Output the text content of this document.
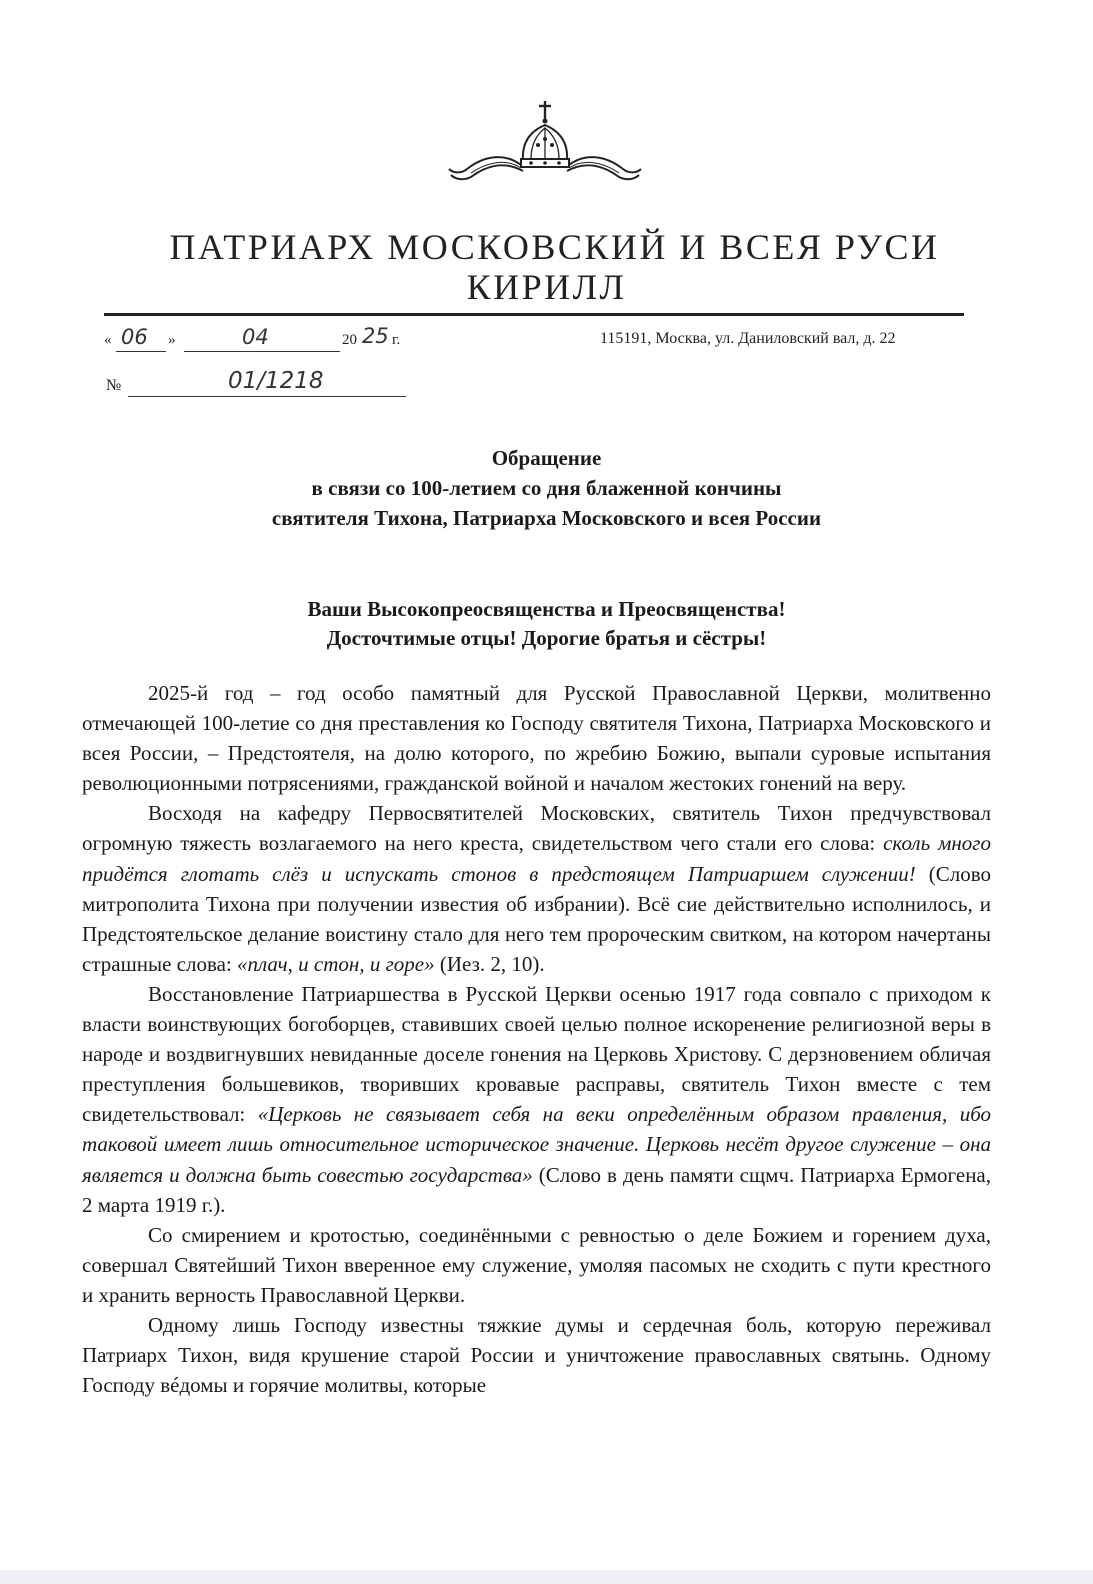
ПАТРИАРХ МОСКОВСКИЙ И ВСЕЯ РУСИ
КИРИЛЛ
« 06 »	04	20 25 г.	115191, Москва, ул. Даниловский вал, д. 22
№	01/1218
Обращение
в связи со 100-летием со дня блаженной кончины
святителя Тихона, Патриарха Московского и всея России
Ваши Высокопреосвященства и Преосвященства!
Досточтимые отцы! Дорогие братья и сёстры!

2025-й год – год особо памятный для Русской Православной Церкви, молитвенно отмечающей 100-летие со дня преставления ко Господу святителя Тихона, Патриарха Московского и всея России, – Предстоятеля, на долю которого, по жребию Божию, выпали суровые испытания революционными потрясениями, гражданской войной и началом жестоких гонений на веру.

Восходя на кафедру Первосвятителей Московских, святитель Тихон предчувствовал огромную тяжесть возлагаемого на него креста, свидетельством чего стали его слова: сколь много придётся глотать слёз и испускать стонов в предстоящем Патриаршем служении! (Слово митрополита Тихона при получении известия об избрании). Всё сие действительно исполнилось, и Предстоятельское делание воистину стало для него тем пророческим свитком, на котором начертаны страшные слова: «плач, и стон, и горе» (Иез. 2, 10).

Восстановление Патриаршества в Русской Церкви осенью 1917 года совпало с приходом к власти воинствующих богоборцев, ставивших своей целью полное искоренение религиозной веры в народе и воздвигнувших невиданные доселе гонения на Церковь Христову. С дерзновением обличая преступления большевиков, творивших кровавые расправы, святитель Тихон вместе с тем свидетельствовал: «Церковь не связывает себя на веки определённым образом правления, ибо таковой имеет лишь относительное историческое значение. Церковь несёт другое служение – она является и должна быть совестью государства» (Слово в день памяти сщмч. Патриарха Ермогена, 2 марта 1919 г.).

Со смирением и кротостью, соединёнными с ревностью о деле Божием и горением духа, совершал Святейший Тихон вверенное ему служение, умоляя пасомых не сходить с пути крестного и хранить верность Православной Церкви.

Одному лишь Господу известны тяжкие думы и сердечная боль, которую переживал Патриарх Тихон, видя крушение старой России и уничтожение православных святынь. Одному Господу вéдомы и горячие молитвы, которые
